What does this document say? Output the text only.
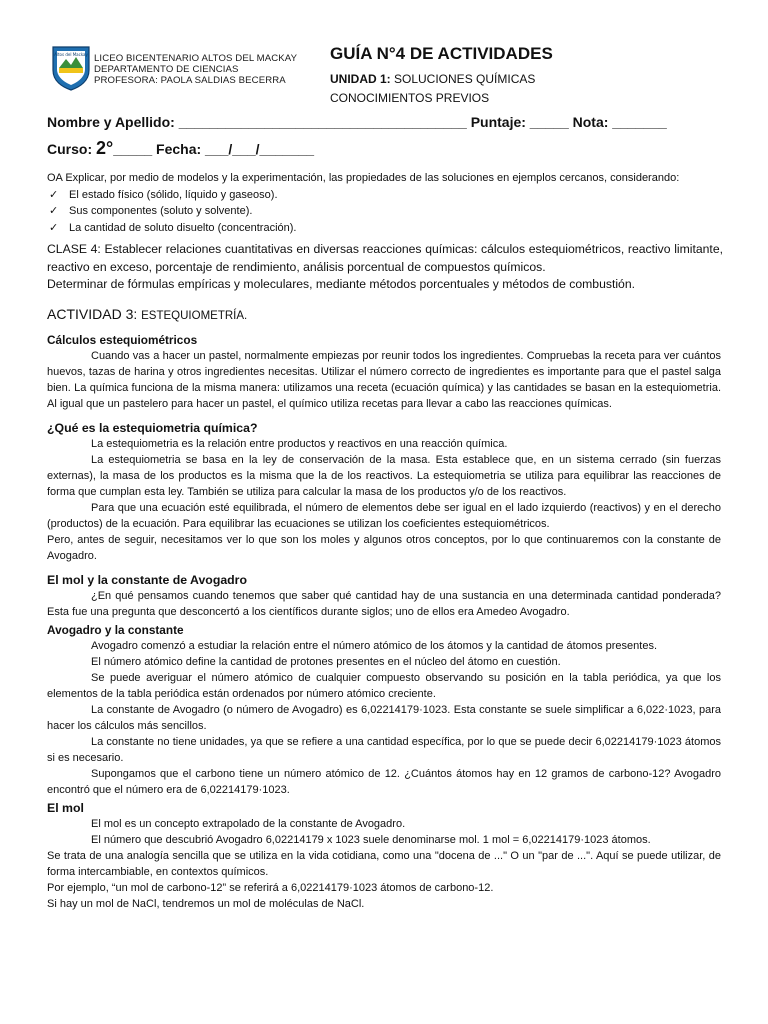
Altos del Mackay LICEO BICENTENARIO ALTOS DEL MACKAY
DEPARTAMENTO DE CIENCIAS
PROFESORA: PAOLA SALDIAS BECERRA
GUÍA N°4 DE ACTIVIDADES
UNIDAD 1: SOLUCIONES QUÍMICAS
CONOCIMIENTOS PREVIOS
Nombre y Apellido: _____________________________________ Puntaje: _____ Nota: _______
Curso: 2°_____ Fecha: ___/___/_______
OA Explicar, por medio de modelos y la experimentación, las propiedades de las soluciones en ejemplos cercanos, considerando:
✓ El estado físico (sólido, líquido y gaseoso).
✓ Sus componentes (soluto y solvente).
✓ La cantidad de soluto disuelto (concentración).
CLASE 4: Establecer relaciones cuantitativas en diversas reacciones químicas: cálculos estequiométricos, reactivo limitante, reactivo en exceso, porcentaje de rendimiento, análisis porcentual de compuestos químicos.
Determinar de fórmulas empíricas y moleculares, mediante métodos porcentuales y métodos de combustión.
ACTIVIDAD 3: ESTEQUIOMETRÍA.
Cálculos estequiométricos

Cuando vas a hacer un pastel, normalmente empiezas por reunir todos los ingredientes. Compruebas la receta para ver cuántos huevos, tazas de harina y otros ingredientes necesitas. Utilizar el número correcto de ingredientes es importante para que el pastel salga bien. La química funciona de la misma manera: utilizamos una receta (ecuación química) y las cantidades se basan en la estequiometria. Al igual que un pastelero para hacer un pastel, el químico utiliza recetas para llevar a cabo las reacciones químicas.

¿Qué es la estequiometria química?

La estequiometria es la relación entre productos y reactivos en una reacción química.

La estequiometria se basa en la ley de conservación de la masa. Esta establece que, en un sistema cerrado (sin fuerzas externas), la masa de los productos es la misma que la de los reactivos. La estequiometria se utiliza para equilibrar las reacciones de forma que cumplan esta ley. También se utiliza para calcular la masa de los productos y/o de los reactivos.

Para que una ecuación esté equilibrada, el número de elementos debe ser igual en el lado izquierdo (reactivos) y en el derecho (productos) de la ecuación. Para equilibrar las ecuaciones se utilizan los coeficientes estequiométricos.

Pero, antes de seguir, necesitamos ver lo que son los moles y algunos otros conceptos, por lo que continuaremos con la constante de Avogadro.

El mol y la constante de Avogadro

¿En qué pensamos cuando tenemos que saber qué cantidad hay de una sustancia en una determinada cantidad ponderada? Esta fue una pregunta que desconcertó a los científicos durante siglos; uno de ellos era Amedeo Avogadro.

Avogadro y la constante

Avogadro comenzó a estudiar la relación entre el número atómico de los átomos y la cantidad de átomos presentes.

El número atómico define la cantidad de protones presentes en el núcleo del átomo en cuestión.

Se puede averiguar el número atómico de cualquier compuesto observando su posición en la tabla periódica, ya que los elementos de la tabla periódica están ordenados por número atómico creciente.

La constante de Avogadro (o número de Avogadro) es 6,02214179·1023. Esta constante se suele simplificar a 6,022·1023, para hacer los cálculos más sencillos.

La constante no tiene unidades, ya que se refiere a una cantidad específica, por lo que se puede decir 6,02214179·1023 átomos si es necesario.

Supongamos que el carbono tiene un número atómico de 12. ¿Cuántos átomos hay en 12 gramos de carbono-12? Avogadro encontró que el número era de 6,02214179·1023.

El mol

El mol es un concepto extrapolado de la constante de Avogadro.

El número que descubrió Avogadro 6,02214179 x 1023 suele denominarse mol. 1 mol = 6,02214179·1023 átomos.

Se trata de una analogía sencilla que se utiliza en la vida cotidiana, como una "docena de ..." O un "par de ...". Aquí se puede utilizar, de forma intercambiable, en contextos químicos.

Por ejemplo, “un mol de carbono-12” se referirá a 6,02214179·1023 átomos de carbono-12.

Si hay un mol de NaCl, tendremos un mol de moléculas de NaCl.
